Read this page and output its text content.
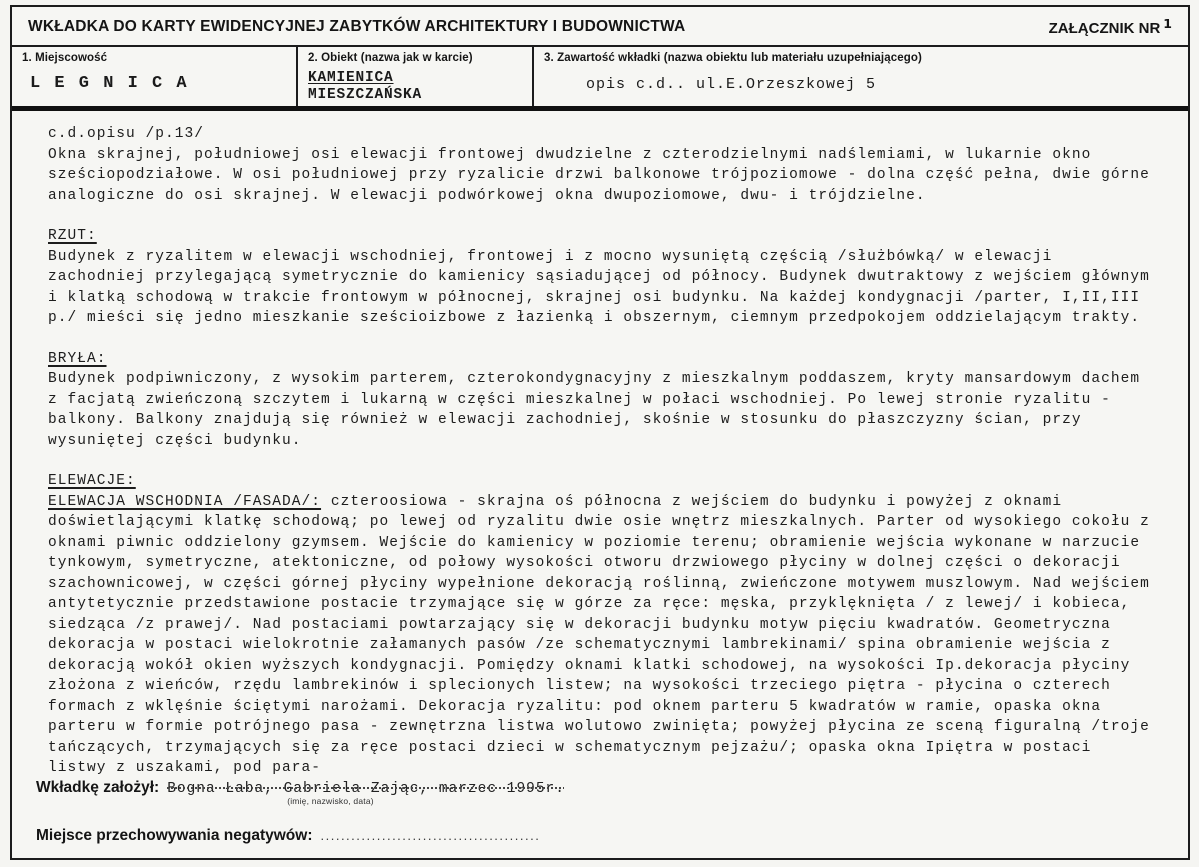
WKŁADKA DO KARTY EWIDENCYJNEJ ZABYTKÓW ARCHITEKTURY I BUDOWNICTWA	ZAŁĄCZNIK NR $^1$
1. Miejscowość
L E G N I C A
2. Obiekt (nazwa jak w karcie)
KAMIENICA
MIESZCZAŃSKA
3. Zawartość wkładki (nazwa obiektu lub materiału uzupełniającego)
opis c.d.. ul.E.Orzeszkowej 5
c.d.opisu /p.13/
Okna skrajnej, południowej osi elewacji frontowej dwudzielne z czterodzielnymi nadślemiami, w lukarnie okno sześciopodziałowe. W osi południowej przy ryzalicie drzwi balkonowe trójpoziomowe - dolna część pełna, dwie górne analogiczne do osi skrajnej. W elewacji podwórkowej okna dwupoziomowe, dwu- i trójdzielne.
RZUT:
Budynek z ryzalitem w elewacji wschodniej, frontowej i z mocno wysuniętą częścią /służbówką/ w elewacji zachodniej przylegającą symetrycznie do kamienicy sąsiadującej od północy. Budynek dwutraktowy z wejściem głównym i klatką schodową w trakcie frontowym w północnej, skrajnej osi budynku. Na każdej kondygnacji /parter, I,II,III p./ mieści się jedno mieszkanie sześcioizbowe z łazienką i obszernym, ciemnym przedpokojem oddzielającym trakty.
BRYŁA:
Budynek podpiwniczony, z wysokim parterem, czterokondygnacyjny z mieszkalnym poddaszem, kryty mansardowym dachem z facjatą zwieńczoną szczytem i lukarną w części mieszkalnej w połaci wschodniej. Po lewej stronie ryzalitu - balkony. Balkony znajdują się również w elewacji zachodniej, skośnie w stosunku do płaszczyzny ścian, przy wysuniętej części budynku.
ELEWACJE:
ELEWACJA WSCHODNIA /FASADA/: czteroosiowa - skrajna oś północna z wejściem do budynku i powyżej z oknami doświetlającymi klatkę schodową; po lewej od ryzalitu dwie osie wnętrz mieszkalnych. Parter od wysokiego cokołu z oknami piwnic oddzielony gzymsem. Wejście do kamienicy w poziomie terenu; obramienie wejścia wykonane w narzucie tynkowym, symetryczne, atektoniczne, od połowy wysokości otworu drzwiowego płyciny w dolnej części o dekoracji szachownicowej, w części górnej płyciny wypełnione dekoracją roślinną, zwieńczone motywem muszlowym. Nad wejściem antytetycznie przedstawione postacie trzymające się w górze za ręce: męska, przyklęknięta / z lewej/ i kobieca, siedząca /z prawej/. Nad postaciami powtarzający się w dekoracji budynku motyw pięciu kwadratów. Geometryczna dekoracja w postaci wielokrotnie załamanych pasów /ze schematycznymi lambrekinami/ spina obramienie wejścia z dekoracją wokół okien wyższych kondygnacji. Pomiędzy oknami klatki schodowej, na wysokości Ip.dekoracja płyciny złożona z wieńców, rzędu lambrekinów i splecionych listew; na wysokości trzeciego piętra - płycina o czterech formach z wklęśnie ściętymi narożami. Dekoracja ryzalitu: pod oknem parteru 5 kwadratów w ramie, opaska okna parteru w formie potrójnego pasa - zewnętrzna listwa wolutowo zwinięta; powyżej płycina ze sceną figuralną /troje tańczących, trzymających się za ręce postaci dzieci w schematycznym pejzażu/; opaska okna Ipiętra w postaci listwy z uszakami, pod para-
Wkładkę założył: Bogna Łaba, Gabriela Zając, marzec 1995r.
(imię, nazwisko, data)
Miejsce przechowywania negatywów: ...........................................
